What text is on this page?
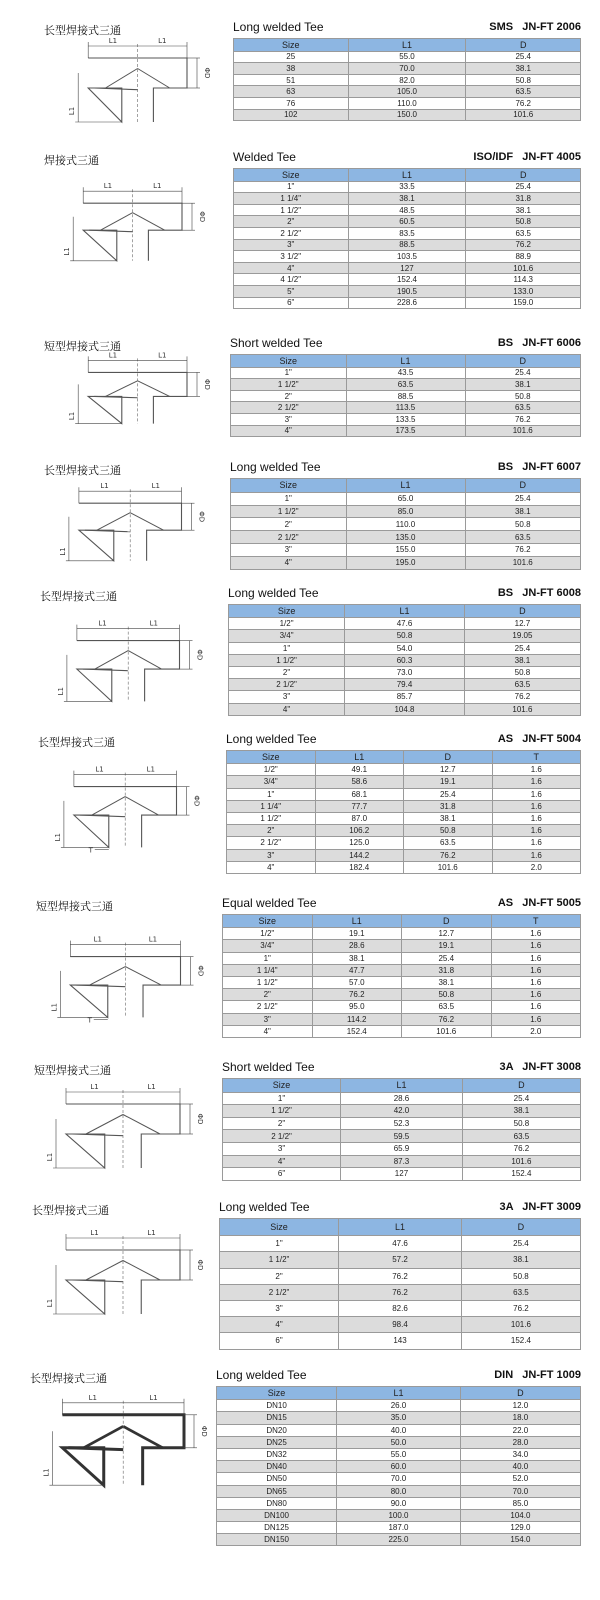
长型焊接式三通
L1	L1
ΦD
L1
Long welded Tee	SMS   JN-FT 2006
Size	L1	D
25	55.0	25.4
38	70.0	38.1
51	82.0	50.8
63	105.0	63.5
76	110.0	76.2
102	150.0	101.6
焊接式三通
L1	L1
ΦD
L1
Welded Tee	ISO/IDF   JN-FT 4005
Size	L1	D
1"	33.5	25.4
1 1/4"	38.1	31.8
1 1/2"	48.5	38.1
2"	60.5	50.8
2 1/2"	83.5	63.5
3"	88.5	76.2
3 1/2"	103.5	88.9
4"	127	101.6
4 1/2"	152.4	114.3
5"	190.5	133.0
6"	228.6	159.0
短型焊接式三通
L1	L1
ΦD
L1
Short welded Tee	BS   JN-FT 6006
Size	L1	D
1"	43.5	25.4
1 1/2"	63.5	38.1
2"	88.5	50.8
2 1/2"	113.5	63.5
3"	133.5	76.2
4"	173.5	101.6
长型焊接式三通
L1	L1
ΦD
L1
Long welded Tee	BS   JN-FT 6007
Size	L1	D
1"	65.0	25.4
1 1/2"	85.0	38.1
2"	110.0	50.8
2 1/2"	135.0	63.5
3"	155.0	76.2
4"	195.0	101.6
长型焊接式三通
L1	L1
ΦD
L1
Long welded Tee	BS   JN-FT 6008
Size	L1	D
1/2"	47.6	12.7
3/4"	50.8	19.05
1"	54.0	25.4
1 1/2"	60.3	38.1
2"	73.0	50.8
2 1/2"	79.4	63.5
3"	85.7	76.2
4"	104.8	101.6
长型焊接式三通
L1	L1
ΦD
L1
T
Long welded Tee	AS   JN-FT 5004
Size	L1	D	T
1/2"	49.1	12.7	1.6
3/4"	58.6	19.1	1.6
1"	68.1	25.4	1.6
1 1/4"	77.7	31.8	1.6
1 1/2"	87.0	38.1	1.6
2"	106.2	50.8	1.6
2 1/2"	125.0	63.5	1.6
3"	144.2	76.2	1.6
4"	182.4	101.6	2.0
短型焊接式三通
L1	L1
ΦD
L1
T
Equal welded Tee	AS   JN-FT 5005
Size	L1	D	T
1/2"	19.1	12.7	1.6
3/4"	28.6	19.1	1.6
1"	38.1	25.4	1.6
1 1/4"	47.7	31.8	1.6
1 1/2"	57.0	38.1	1.6
2"	76.2	50.8	1.6
2 1/2"	95.0	63.5	1.6
3"	114.2	76.2	1.6
4"	152.4	101.6	2.0
短型焊接式三通
L1	L1
ΦD
L1
Short welded Tee	3A   JN-FT 3008
Size	L1	D
1"	28.6	25.4
1 1/2"	42.0	38.1
2"	52.3	50.8
2 1/2"	59.5	63.5
3"	65.9	76.2
4"	87.3	101.6
6"	127	152.4
长型焊接式三通
L1	L1
ΦD
L1
Long welded Tee	3A   JN-FT 3009
Size	L1	D
1"	47.6	25.4
1 1/2"	57.2	38.1
2"	76.2	50.8
2 1/2"	76.2	63.5
3"	82.6	76.2
4"	98.4	101.6
6"	143	152.4
长型焊接式三通
L1	L1
ΦD
L1
Long welded Tee	DIN   JN-FT 1009
Size	L1	D
DN10	26.0	12.0
DN15	35.0	18.0
DN20	40.0	22.0
DN25	50.0	28.0
DN32	55.0	34.0
DN40	60.0	40.0
DN50	70.0	52.0
DN65	80.0	70.0
DN80	90.0	85.0
DN100	100.0	104.0
DN125	187.0	129.0
DN150	225.0	154.0
